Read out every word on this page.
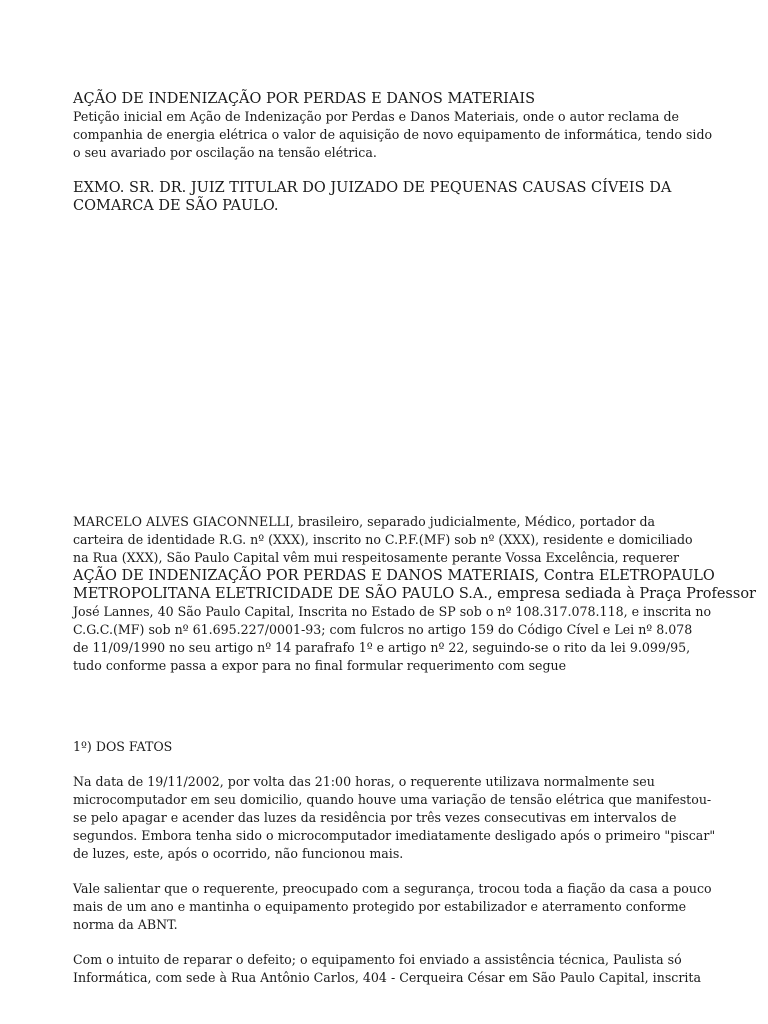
AÇÃO DE INDENIZAÇÃO POR PERDAS E DANOS MATERIAIS
Petição inicial em Ação de Indenização por Perdas e Danos Materiais, onde o autor reclama de
companhia de energia elétrica o valor de aquisição de novo equipamento de informática, tendo sido
o seu avariado por oscilação na tensão elétrica.
EXMO. SR. DR. JUIZ TITULAR DO JUIZADO DE PEQUENAS CAUSAS CÍVEIS DA
COMARCA DE SÃO PAULO.
MARCELO ALVES GIACONNELLI, brasileiro, separado judicialmente, Médico, portador da
carteira de identidade R.G. nº (XXX), inscrito no C.P.F.(MF) sob nº (XXX), residente e domiciliado
na Rua (XXX), São Paulo Capital vêm mui respeitosamente perante Vossa Excelência, requerer
AÇÃO DE INDENIZAÇÃO POR PERDAS E DANOS MATERIAIS, Contra ELETROPAULO
METROPOLITANA ELETRICIDADE DE SÃO PAULO S.A., empresa sediada à Praça Professor
José Lannes, 40 São Paulo Capital, Inscrita no Estado de SP sob o nº 108.317.078.118, e inscrita no
C.G.C.(MF) sob nº 61.695.227/0001-93; com fulcros no artigo 159 do Código Cível e Lei nº 8.078
de 11/09/1990 no seu artigo nº 14 parafrafo 1º e artigo nº 22, seguindo-se o rito da lei 9.099/95,
tudo conforme passa a expor para no final formular requerimento com segue
1º) DOS FATOS
Na data de 19/11/2002, por volta das 21:00 horas, o requerente utilizava normalmente seu
microcomputador em seu domicilio, quando houve uma variação de tensão elétrica que manifestou-
se pelo apagar e acender das luzes da residência por três vezes consecutivas em intervalos de
segundos. Embora tenha sido o microcomputador imediatamente desligado após o primeiro "piscar"
de luzes, este, após o ocorrido, não funcionou mais.
Vale salientar que o requerente, preocupado com a segurança, trocou toda a fiação da casa a pouco
mais de um ano e mantinha o equipamento protegido por estabilizador e aterramento conforme
norma da ABNT.
Com o intuito de reparar o defeito; o equipamento foi enviado a assistência técnica, Paulista só
Informática, com sede à Rua Antônio Carlos, 404 - Cerqueira César em São Paulo Capital, inscrita
